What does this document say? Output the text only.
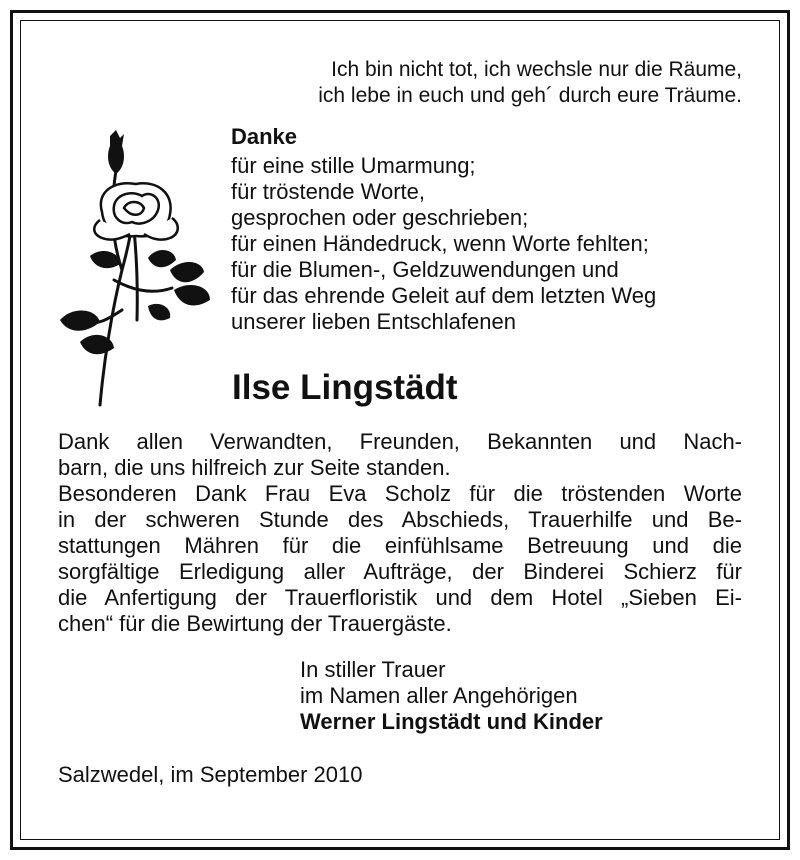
Ich bin nicht tot, ich wechsle nur die Räume,
ich lebe in euch und geh´ durch eure Träume.
Danke
für eine stille Umarmung;
für tröstende Worte,
gesprochen oder geschrieben;
für einen Händedruck, wenn Worte fehlten;
für die Blumen-, Geldzuwendungen und
für das ehrende Geleit auf dem letzten Weg
unserer lieben Entschlafenen
Ilse Lingstädt
Dank allen Verwandten, Freunden, Bekannten und Nach-
barn, die uns hilfreich zur Seite standen.
Besonderen Dank Frau Eva Scholz für die tröstenden Worte
in der schweren Stunde des Abschieds, Trauerhilfe und Be-
stattungen Mähren für die einfühlsame Betreuung und die
sorgfältige Erledigung aller Aufträge, der Binderei Schierz für
die Anfertigung der Trauerfloristik und dem Hotel „Sieben Ei-
chen“ für die Bewirtung der Trauergäste.
In stiller Trauer
im Namen aller Angehörigen
Werner Lingstädt und Kinder
Salzwedel, im September 2010
